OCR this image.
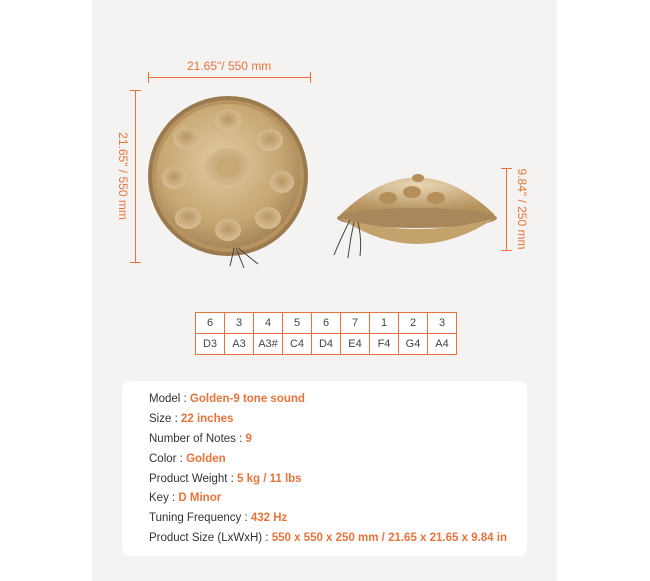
21.65"/ 550 mm
21.65" / 550 mm	9.84" / 250 mm
6	3	4	5	6	7	1	2	3
D3	A3	A3#	C4	D4	E4	F4	G4	A4
Model : Golden-9 tone sound
Size : 22 inches
Number of Notes : 9
Color : Golden
Product Weight : 5 kg / 11 lbs
Key : D Minor
Tuning Frequency : 432 Hz
Product Size (LxWxH) : 550 x 550 x 250 mm / 21.65 x 21.65 x 9.84 in
